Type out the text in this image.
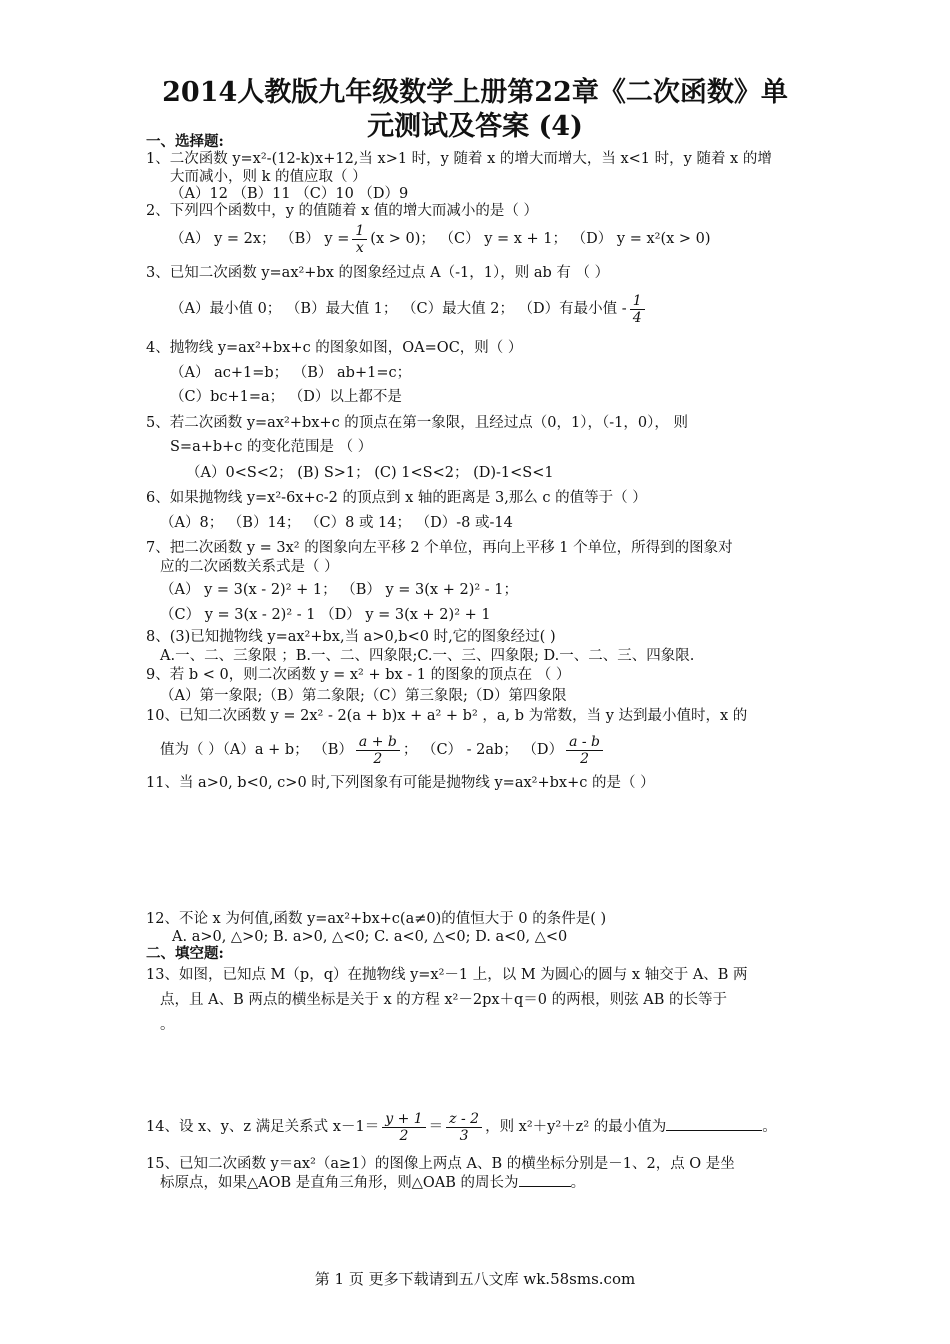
2014人教版九年级数学上册第22章《二次函数》单
元测试及答案 (4)
一、选择题:
1、二次函数 y=x²-(12-k)x+12,当 x>1 时，y 随着 x 的增大而增大，当 x<1 时，y 随着 x 的增
大而减小，则 k 的值应取（ ）
（A）12 （B）11 （C）10 （D）9
2、下列四个函数中，y 的值随着 x 值的增大而减小的是（ ）
（A） y = 2x； （B） $y = \frac{1}{x} (x > 0)$； （C） y = x + 1； （D） y = x²(x > 0)
3、已知二次函数 y=ax²+bx 的图象经过点 A（-1，1），则 ab 有 （ ）
（A）最小值 0； （B）最大值 1； （C）最大值 2； （D）有最小值 - $\frac{1}{4}$
4、抛物线 y=ax²+bx+c 的图象如图，OA=OC，则（ ）
（A） ac+1=b； （B） ab+1=c；
（C）bc+1=a； （D）以上都不是
5、若二次函数 y=ax²+bx+c 的顶点在第一象限，且经过点（0，1），（-1，0）， 则
S=a+b+c 的变化范围是 （ ）
（A）0<S<2； (B) S>1； (C) 1<S<2； (D)-1<S<1
6、如果抛物线 y=x²-6x+c-2 的顶点到 x 轴的距离是 3,那么 c 的值等于（ ）
（A）8； （B）14； （C）8 或 14； （D）-8 或-14
7、把二次函数 y = 3x² 的图象向左平移 2 个单位，再向上平移 1 个单位，所得到的图象对
应的二次函数关系式是（ ）
（A） y = 3(x - 2)² + 1； （B） y = 3(x + 2)² - 1；
（C） y = 3(x - 2)² - 1 （D） y = 3(x + 2)² + 1
8、(3)已知抛物线 y=ax²+bx,当 a>0,b<0 时,它的图象经过( )
A.一、二、三象限 ；B.一、二、四象限;C.一、三、四象限; D.一、二、三、四象限.
9、若 b < 0，则二次函数 y = x² + bx - 1 的图象的顶点在 （ ）
（A）第一象限;（B）第二象限;（C）第三象限;（D）第四象限
10、已知二次函数 y = 2x² - 2(a + b)x + a² + b² ，a, b 为常数，当 y 达到最小值时，x 的
值为（ ）（A）a + b； $(B) \frac{a + b}{2}$ ； （C） - 2ab； $(D) \frac{a - b}{2}$
11、当 a>0, b<0, c>0 时,下列图象有可能是抛物线 y=ax²+bx+c 的是（ ）
12、不论 x 为何值,函数 y=ax²+bx+c(a≠0)的值恒大于 0 的条件是( )
A. a>0, △>0; B. a>0, △<0; C. a<0, △<0; D. a<0, △<0
二、填空题:
13、如图，已知点 M（p，q）在抛物线 y=x²－1 上，以 M 为圆心的圆与 x 轴交于 A、B 两
点，且 A、B 两点的横坐标是关于 x 的方程 x²－2px＋q＝0 的两根，则弦 AB 的长等于
。
14、设 x、y、z 满足关系式 $x-1= \frac{y + 1}{2} = \frac{z - 2}{3}$ ，则 x²＋y²＋z² 的最小值为	。
15、已知二次函数 y＝ax²（a≥1）的图像上两点 A、B 的横坐标分别是－1、2，点 O 是坐
标原点，如果△AOB 是直角三角形，则△OAB 的周长为	。
第 1 页 更多下载请到五八文库 wk.58sms.com
